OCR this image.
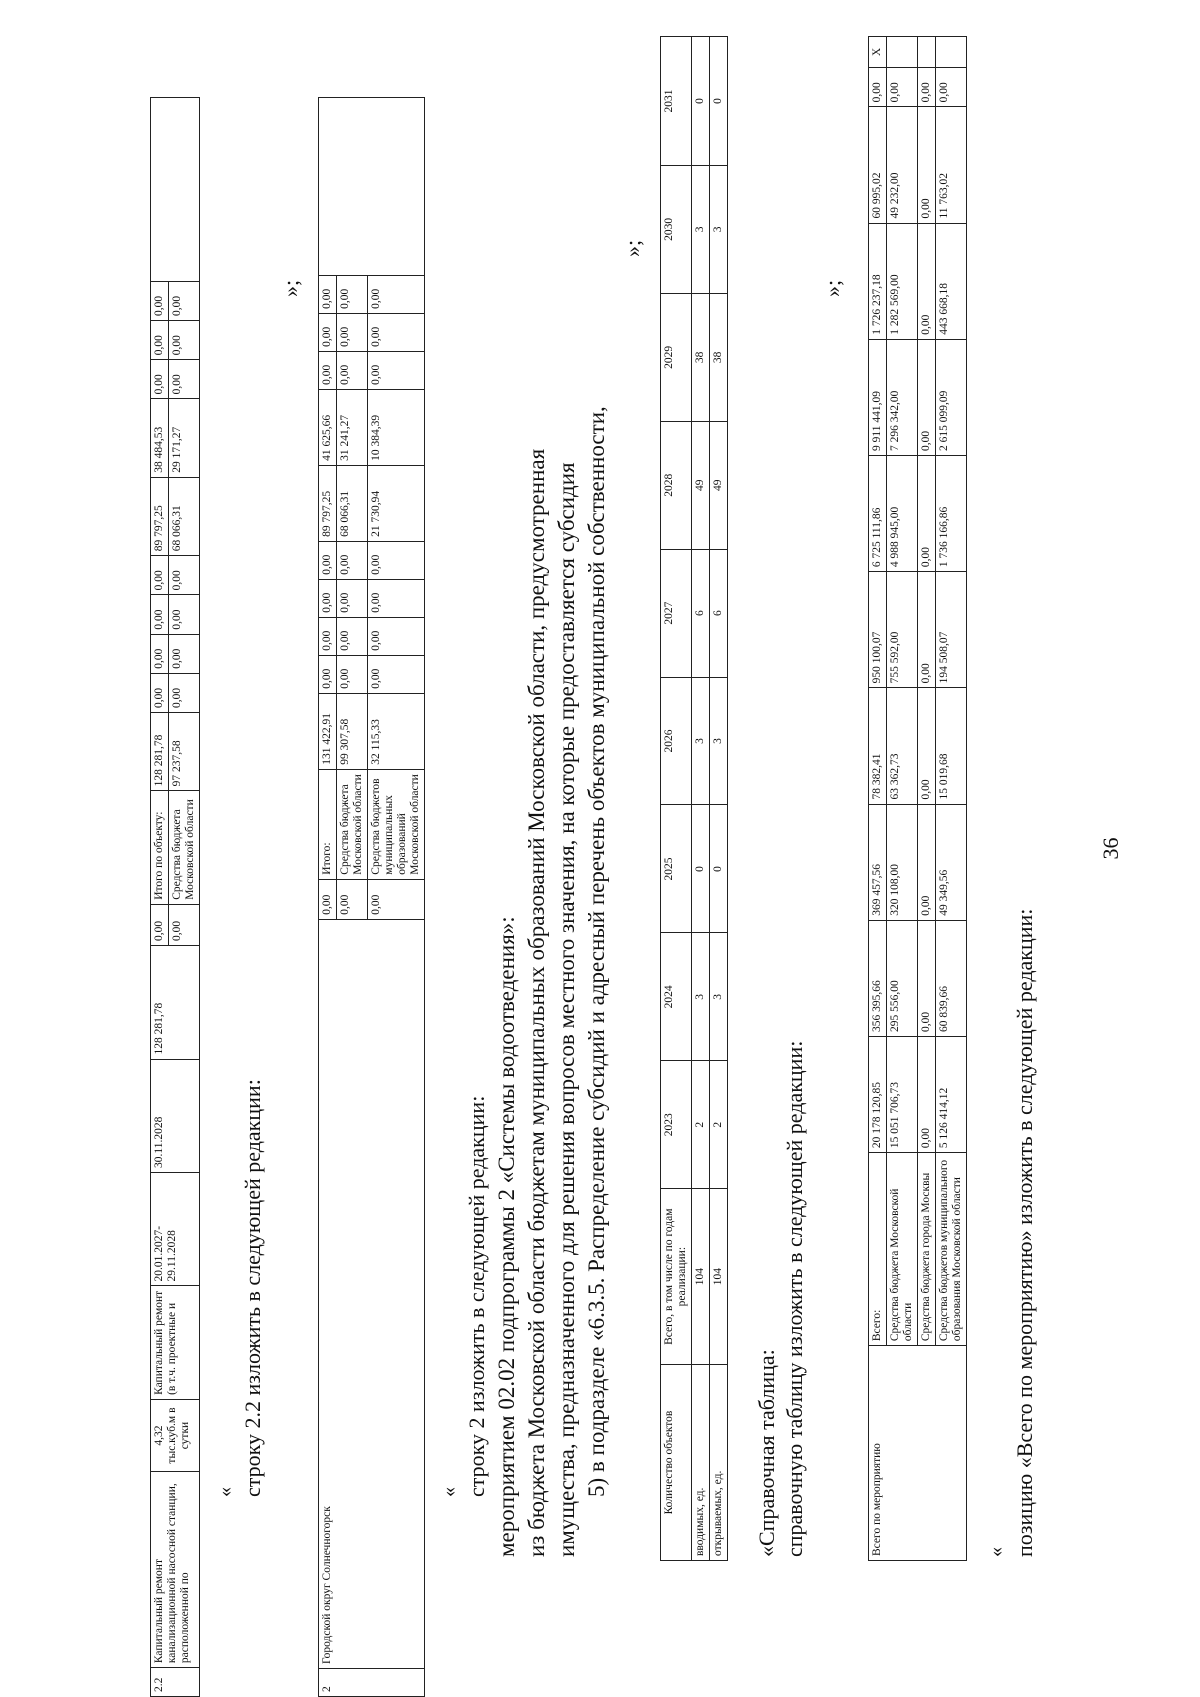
36
позицию «Всего по мероприятию» изложить в следующей редакции:
«
Всего по мероприятию	Всего:	20 178 120,85	356 395,66	369 457,56	78 382,41	950 100,07	6 725 111,86	9 911 441,09	1 726 237,18	60 995,02	0,00	Х
	Средства бюджета Московской области	15 051 706,73	295 556,00	320 108,00	63 362,73	755 592,00	4 988 945,00	7 296 342,00	1 282 569,00	49 232,00	0,00	
	Средства бюджета города Москвы	0,00	0,00	0,00	0,00	0,00	0,00	0,00	0,00	0,00	0,00	
	Средства бюджетов муниципального образования Московской области	5 126 414,12	60 839,66	49 349,56	15 019,68	194 508,07	1 736 166,86	2 615 099,09	443 668,18	11 763,02	0,00	
»;
справочную таблицу изложить в следующей редакции:
«Справочная таблица:
Количество объектов	Всего, в том числе по годам реализации:	2023	2024	2025	2026	2027	2028	2029	2030	2031
вводимых, ед.	104	2	3	0	3	6	49	38	3	0
открываемых, ед.	104	2	3	0	3	6	49	38	3	0
»;
5) в подразделе «6.3.5. Распределение субсидий и адресный перечень объектов муниципальной собственности,
имущества, предназначенного для решения вопросов местного значения, на которые предоставляется субсидия
из бюджета Московской области бюджетам муниципальных образований Московской области, предусмотренная
мероприятием 02.02 подпрограммы 2 «Системы водоотведения»:
строку 2 изложить в следующей редакции:
«
2	Городской округ Солнечногорск	0,00	Итого:	131 422,91	0,00	0,00	0,00	0,00	89 797,25	41 625,66	0,00	0,00	0,00	
		0,00	Средства бюджета Московской области	99 307,58	0,00	0,00	0,00	0,00	68 066,31	31 241,27	0,00	0,00	0,00	
		0,00	Средства бюджетов муниципальных образований Московской области	32 115,33	0,00	0,00	0,00	0,00	21 730,94	10 384,39	0,00	0,00	0,00	
»;
строку 2.2 изложить в следующей редакции:
«
2.2	Капитальный ремонт канализационной насосной станции, расположенной по	4,32 тыс.куб.м в сутки	Капитальный ремонт (в т.ч. проектные и	20.01.2027-29.11.2028	30.11.2028	128 281,78	0,00	Итого по объекту:	128 281,78	0,00	0,00	0,00	0,00	89 797,25	38 484,53	0,00	0,00	0,00	
							0,00	Средства бюджета Московской области	97 237,58	0,00	0,00	0,00	0,00	68 066,31	29 171,27	0,00	0,00	0,00	
